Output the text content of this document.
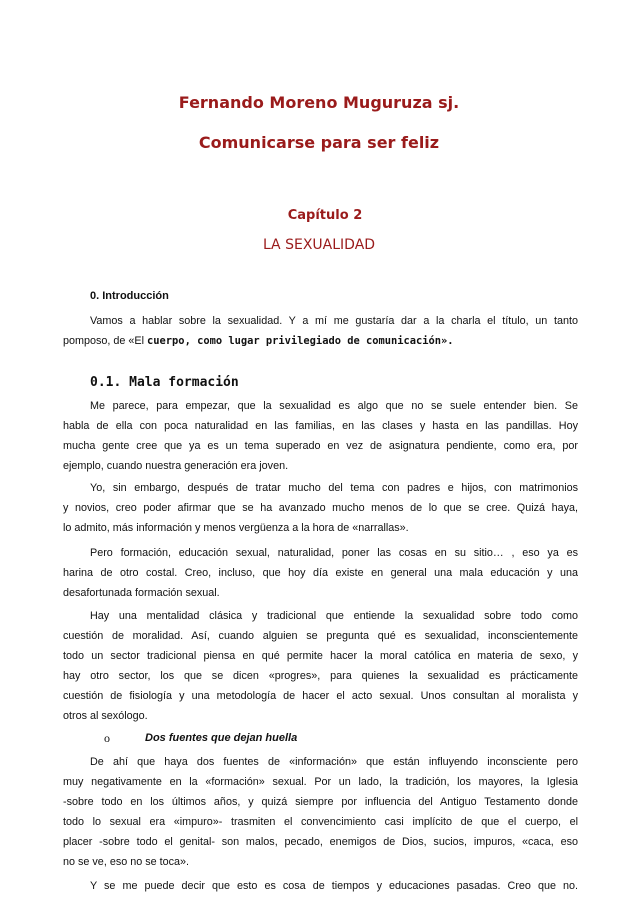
Fernando Moreno Muguruza sj.
Comunicarse para ser feliz
Capítulo 2
LA SEXUALIDAD
0. Introducción
Vamos a hablar sobre la sexualidad. Y a mí me gustaría dar a la charla el título, un tanto
pomposo, de «El cuerpo, como lugar privilegiado de comunicación».
0.1. Mala formación
Me parece, para empezar, que la sexualidad es algo que no se suele entender bien. Se
habla de ella con poca naturalidad en las familias, en las clases y hasta en las pandillas. Hoy
mucha gente cree que ya es un tema superado en vez de asignatura pendiente, como era, por
ejemplo, cuando nuestra generación era joven.
Yo, sin embargo, después de tratar mucho del tema con padres e hijos, con matrimonios
y novios, creo poder afirmar que se ha avanzado mucho menos de lo que se cree. Quizá haya,
lo admito, más información y menos vergüenza a la hora de «narrallas».
Pero formación, educación sexual, naturalidad, poner las cosas en su sitio… , eso ya es
harina de otro costal. Creo, incluso, que hoy día existe en general una mala educación y una
desafortunada formación sexual.
Hay una mentalidad clásica y tradicional que entiende la sexualidad sobre todo como
cuestión de moralidad. Así, cuando alguien se pregunta qué es sexualidad, inconscientemente
todo un sector tradicional piensa en qué permite hacer la moral católica en materia de sexo, y
hay otro sector, los que se dicen «progres», para quienes la sexualidad es prácticamente
cuestión de fisiología y una metodología de hacer el acto sexual. Unos consultan al moralista y
otros al sexólogo.
o	Dos fuentes que dejan huella
De ahí que haya dos fuentes de «información» que están influyendo inconsciente pero
muy negativamente en la «formación» sexual. Por un lado, la tradición, los mayores, la Iglesia
-sobre todo en los últimos años, y quizá siempre por influencia del Antiguo Testamento donde
todo lo sexual era «impuro»- trasmiten el convencimiento casi implícito de que el cuerpo, el
placer -sobre todo el genital- son malos, pecado, enemigos de Dios, sucios, impuros, «caca, eso
no se ve, eso no se toca».
Y se me puede decir que esto es cosa de tiempos y educaciones pasadas. Creo que no.
